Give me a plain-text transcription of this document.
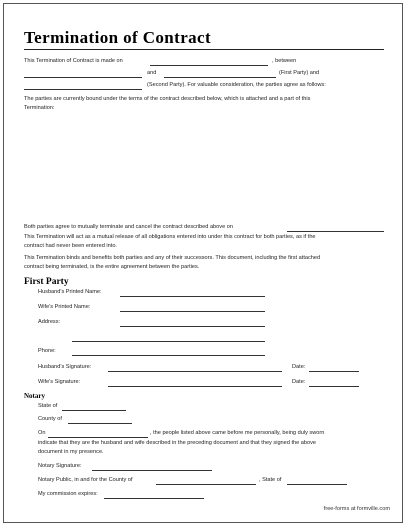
Termination of Contract
This Termination of Contract is made on	, between
and	(First Party) and
(Second Party). For valuable consideration, the parties agree as follows:
The parties are currently bound under the terms of the contract described below, which is attached and a part of this
Termination:
Both parties agree to mutually terminate and cancel the contract described above on
This Termination will act as a mutual release of all obligations entered into under this contract for both parties, as if the
contract had never been entered into.
This Termination binds and benefits both parties and any of their successors. This document, including the first attached
contract being terminated, is the entire agreement between the parties.
First Party
Husband's Printed Name:
Wife's Printed Name:
Address:
Phone:
Husband's Signature:	Date:
Wife's Signature:	Date:
Notary
State of
County of
On	, the people listed above came before me personally, being duly sworn
indicate that they are the husband and wife described in the preceding document and that they signed the above
document in my presence.
Notary Signature:
Notary Public, in and for the County of	, State of
My commission expires:
free-forms at formville.com
